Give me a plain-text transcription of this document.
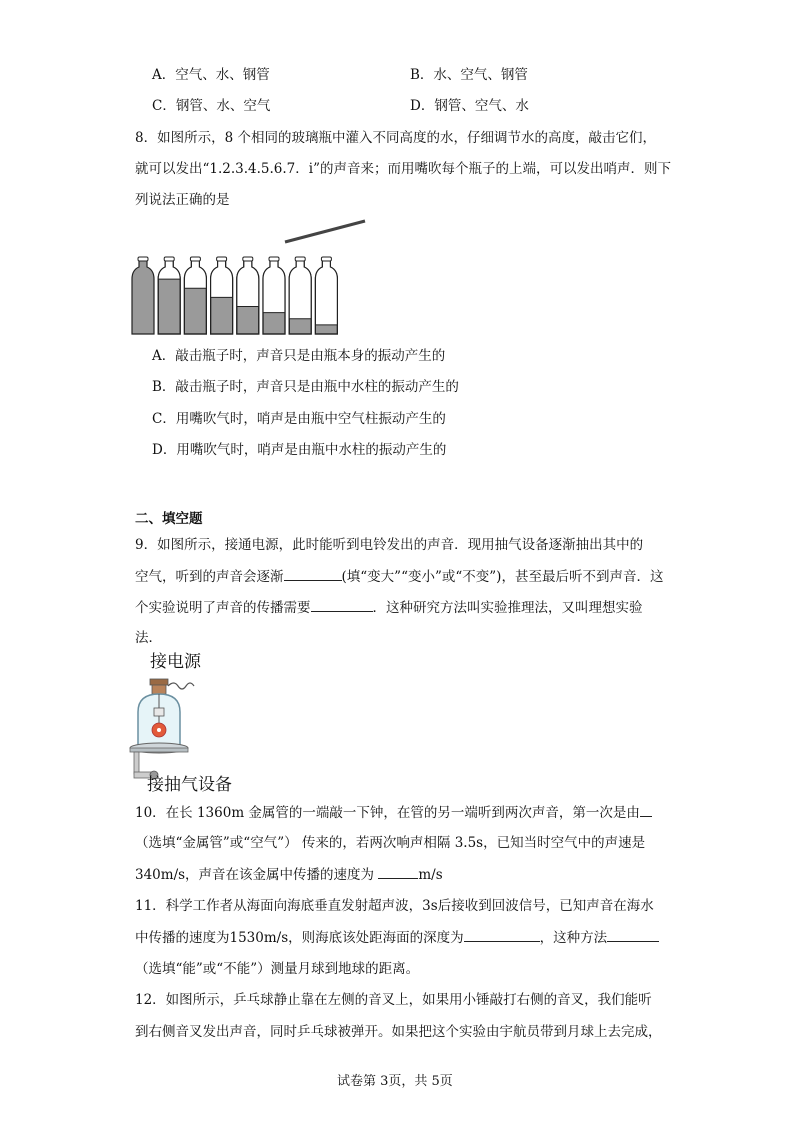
A．空气、水、钢管	B．水、空气、钢管
C．钢管、水、空气	D．钢管、空气、水
8．如图所示，8 个相同的玻璃瓶中灌入不同高度的水，仔细调节水的高度，敲击它们，
就可以发出“1.2.3.4.5.6.7．i”的声音来；而用嘴吹每个瓶子的上端，可以发出哨声．则下
列说法正确的是
A．敲击瓶子时，声音只是由瓶本身的振动产生的
B．敲击瓶子时，声音只是由瓶中水柱的振动产生的
C．用嘴吹气时，哨声是由瓶中空气柱振动产生的
D．用嘴吹气时，哨声是由瓶中水柱的振动产生的
二、填空题
9．如图所示，接通电源，此时能听到电铃发出的声音．现用抽气设备逐渐抽出其中的
空气，听到的声音会逐渐	(填“变大”“变小”或“不变”)，甚至最后听不到声音．这
个实验说明了声音的传播需要	．这种研究方法叫实验推理法，又叫理想实验
法．
接电源
接抽气设备
10．在长 1360m 金属管的一端敲一下钟，在管的另一端听到两次声音，第一次是由
（选填“金属管”或“空气”） 传来的，若两次响声相隔 3.5s，已知当时空气中的声速是
340m/s，声音在该金属中传播的速度为	m/s
11．科学工作者从海面向海底垂直发射超声波，3s后接收到回波信号，已知声音在海水
中传播的速度为1530m/s，则海底该处距海面的深度为	，这种方法
（选填“能”或“不能”）测量月球到地球的距离。
12．如图所示，乒乓球静止靠在左侧的音叉上，如果用小锤敲打右侧的音叉，我们能听
到右侧音叉发出声音，同时乒乓球被弹开。如果把这个实验由宇航员带到月球上去完成，
试卷第 3页，共 5页
